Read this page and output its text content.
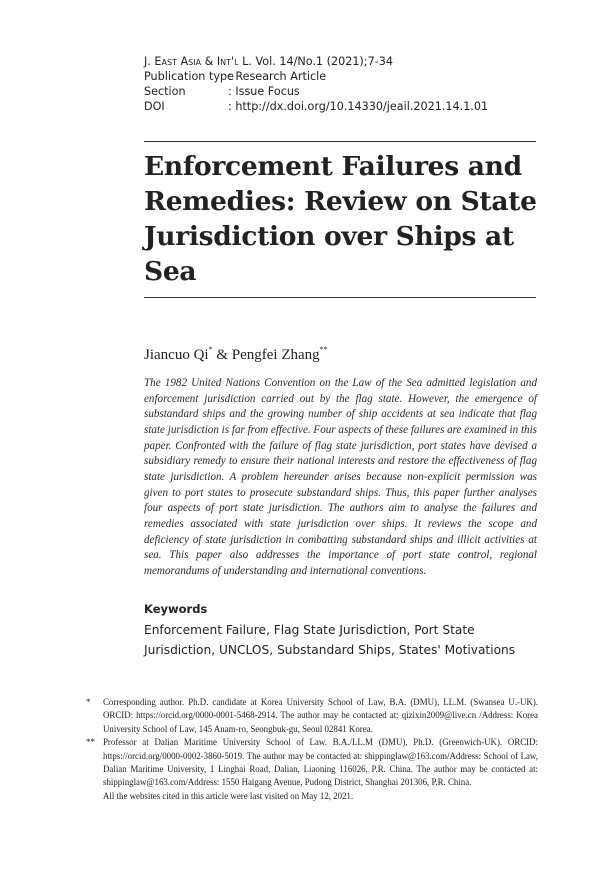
J. East Asia & Int'l L. Vol. 14/No.1 (2021);7-34
Publication type: Research Article
Section	: Issue Focus
DOI	: http://dx.doi.org/10.14330/jeail.2021.14.1.01
Enforcement Failures and Remedies: Review on State Jurisdiction over Ships at Sea
Jiancuo Qi* & Pengfei Zhang**

The 1982 United Nations Convention on the Law of the Sea admitted legislation and enforcement jurisdiction carried out by the flag state. However, the emergence of substandard ships and the growing number of ship accidents at sea indicate that flag state jurisdiction is far from effective. Four aspects of these failures are examined in this paper. Confronted with the failure of flag state jurisdiction, port states have devised a subsidiary remedy to ensure their national interests and restore the effectiveness of flag state jurisdiction. A problem hereunder arises because non-explicit permission was given to port states to prosecute substandard ships. Thus, this paper further analyses four aspects of port state jurisdiction. The authors aim to analyse the failures and remedies associated with state jurisdiction over ships. It reviews the scope and deficiency of state jurisdiction in combatting substandard ships and illicit activities at sea. This paper also addresses the importance of port state control, regional memorandums of understanding and international conventions.

Keywords

Enforcement Failure, Flag State Jurisdiction, Port State Jurisdiction, UNCLOS, Substandard Ships, States' Motivations

* Corresponding author. Ph.D. candidate at Korea University School of Law, B.A. (DMU), LL.M. (Swansea U.-UK). ORCID: https://orcid.org/0000-0001-5468-2914. The author may be contacted at: qizixin2009@live.cn /Address: Korea University School of Law, 145 Anam-ro, Seongbuk-gu, Seoul 02841 Korea.
** Professor at Dalian Maritime University School of Law. B.A./LL.M (DMU), Ph.D. (Greenwich-UK). ORCID: https://orcid.org/0000-0002-3860-5019. The author may be contacted at: shippinglaw@163.com/Address: School of Law, Dalian Maritime University, 1 Linghai Road, Dalian, Liaoning 116026, P.R. China. The author may be contacted at: shippinglaw@163.com/Address: 1550 Haigang Avenue, Pudong District, Shanghai 201306, P.R. China.
All the websites cited in this article were last visited on May 12, 2021.
